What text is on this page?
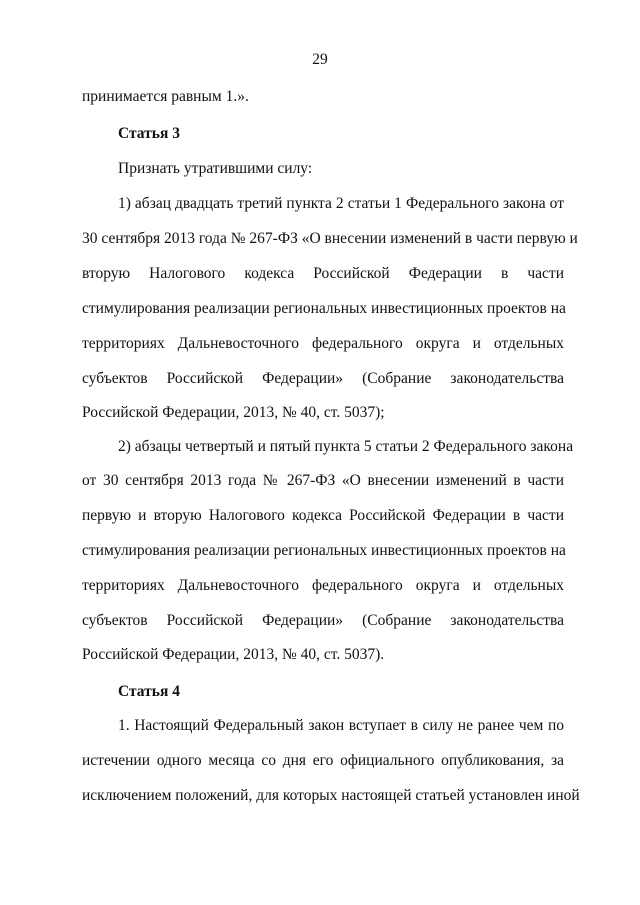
29
принимается равным 1.».
Статья 3
Признать утратившими силу:
1) абзац двадцать третий пункта 2 статьи 1 Федерального закона от
30 сентября 2013 года № 267-ФЗ «О внесении изменений в части первую и
вторую Налогового кодекса Российской Федерации в части
стимулирования реализации региональных инвестиционных проектов на
территориях Дальневосточного федерального округа и отдельных
субъектов Российской Федерации» (Собрание законодательства
Российской Федерации, 2013, № 40, ст. 5037);
2) абзацы четвертый и пятый пункта 5 статьи 2 Федерального закона
от 30 сентября 2013 года № 267-ФЗ «О внесении изменений в части
первую и вторую Налогового кодекса Российской Федерации в части
стимулирования реализации региональных инвестиционных проектов на
территориях Дальневосточного федерального округа и отдельных
субъектов Российской Федерации» (Собрание законодательства
Российской Федерации, 2013, № 40, ст. 5037).
Статья 4
1. Настоящий Федеральный закон вступает в силу не ранее чем по
истечении одного месяца со дня его официального опубликования, за
исключением положений, для которых настоящей статьей установлен иной
